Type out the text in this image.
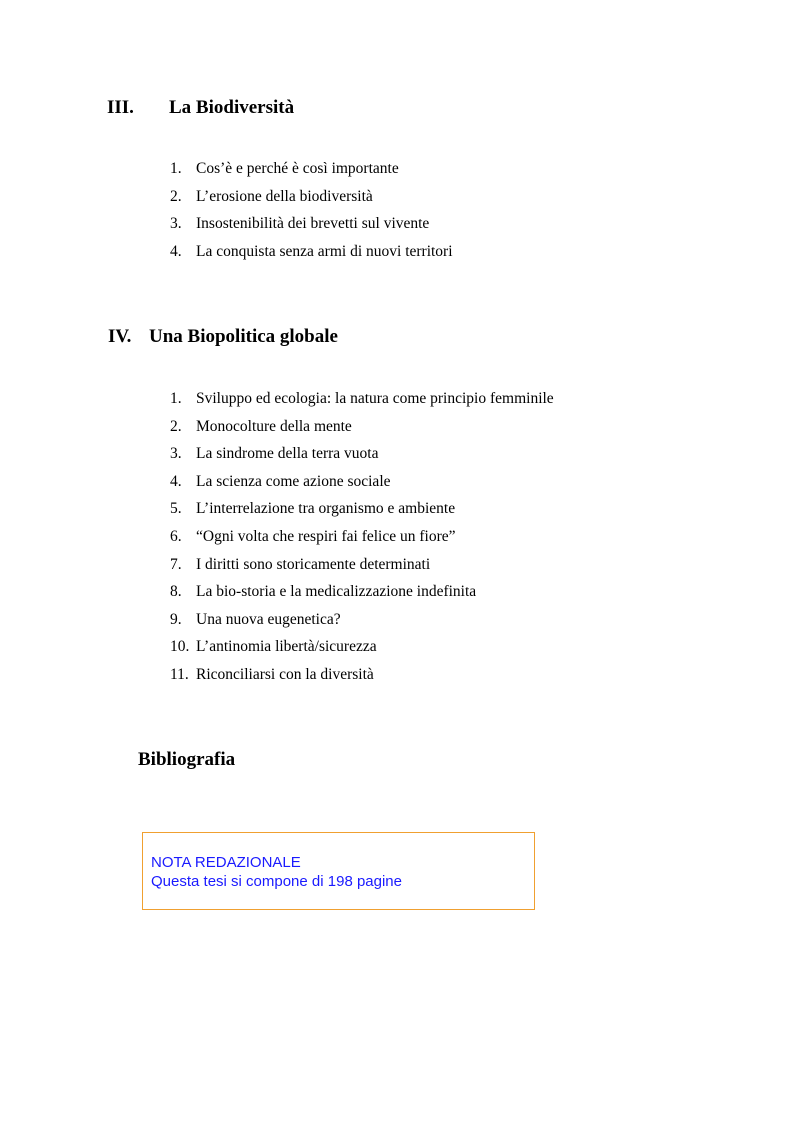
III. La Biodiversità
1. Cos’è e perché è così importante
2. L’erosione della biodiversità
3. Insostenibilità dei brevetti sul vivente
4. La conquista senza armi di nuovi territori
IV. Una Biopolitica globale
1. Sviluppo ed ecologia: la natura come principio femminile
2. Monocolture della mente
3. La sindrome della terra vuota
4. La scienza come azione sociale
5. L’interrelazione tra organismo e ambiente
6. “Ogni volta che respiri fai felice un fiore”
7. I diritti sono storicamente determinati
8. La bio-storia e la medicalizzazione indefinita
9. Una nuova eugenetica?
10. L’antinomia libertà/sicurezza
11. Riconciliarsi con la diversità
Bibliografia
NOTA REDAZIONALE
Questa tesi si compone di 198 pagine
